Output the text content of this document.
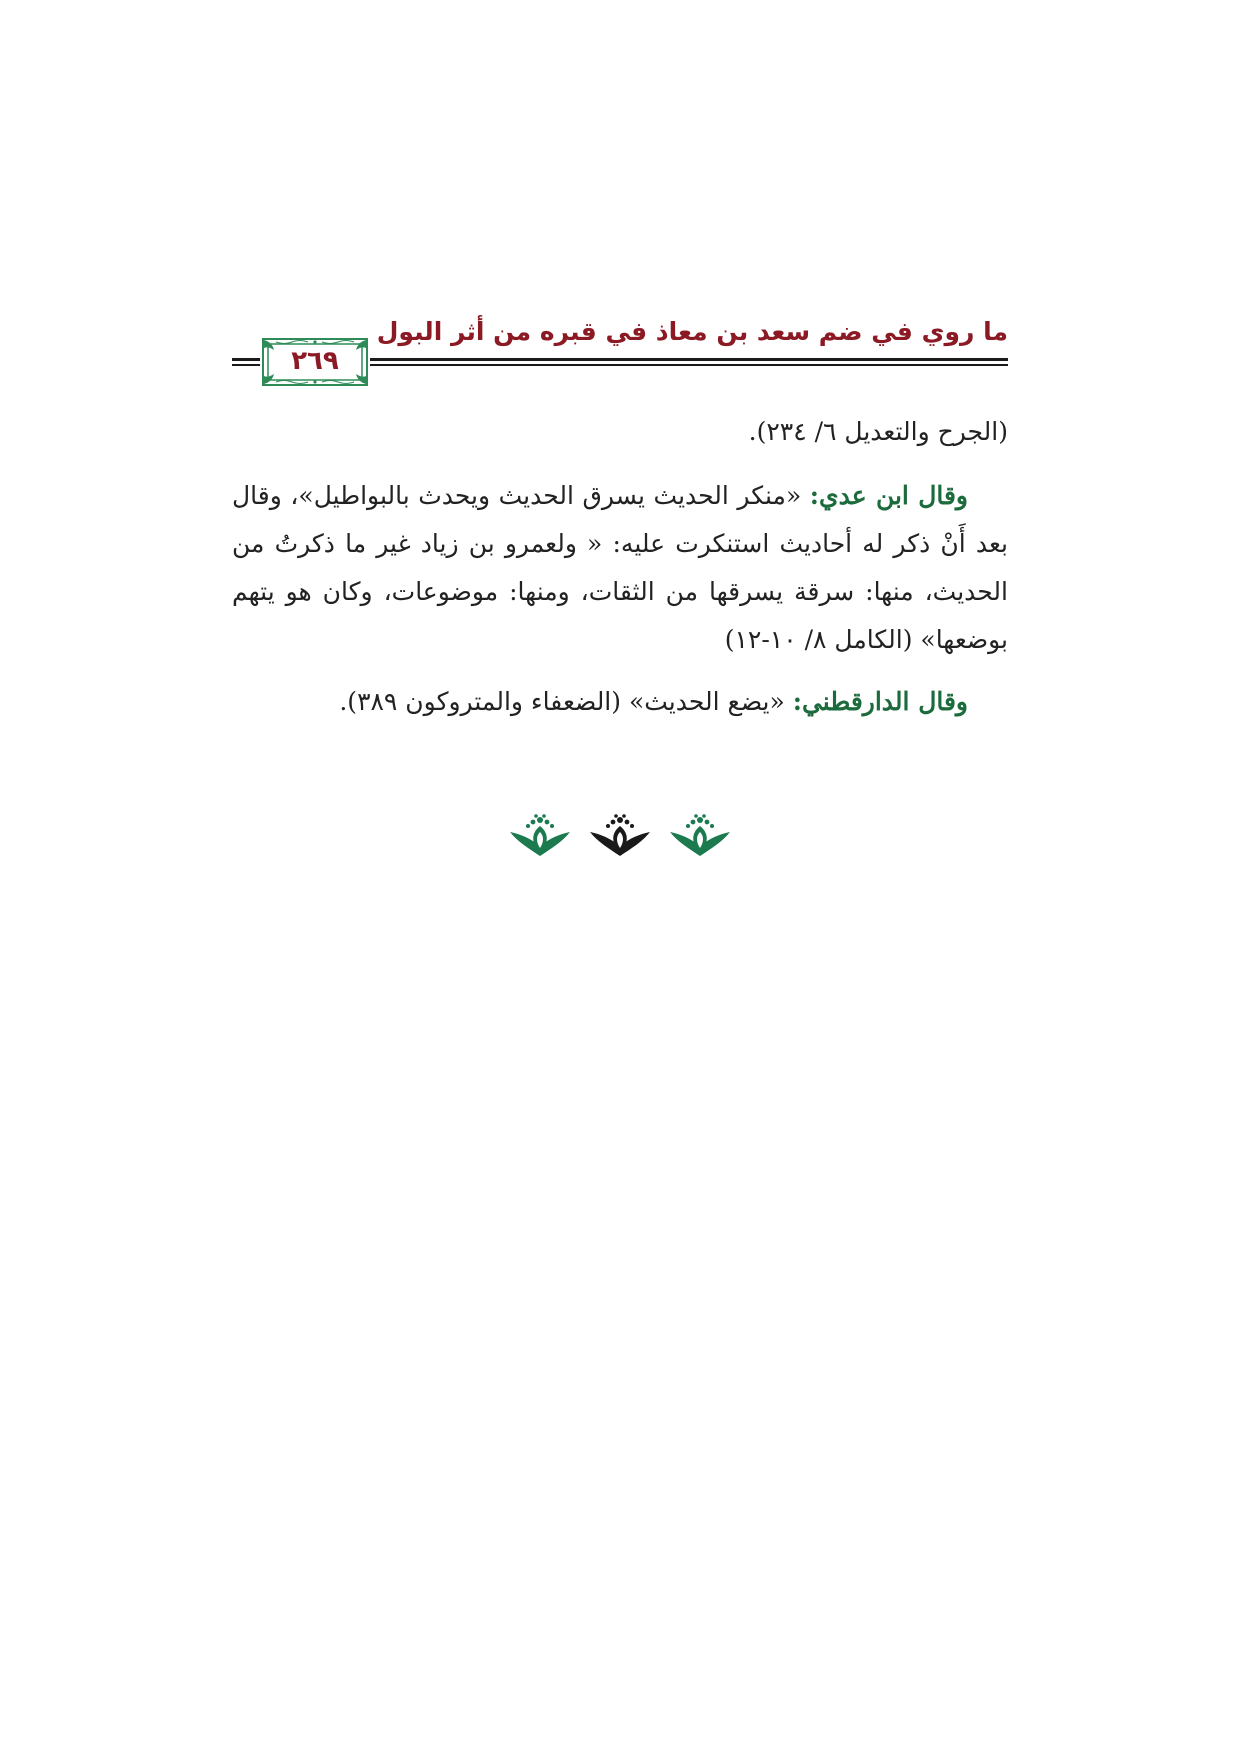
ما روي في ضم سعد بن معاذ في قبره من أثر البول
٢٦٩

(الجرح والتعديل ٦/ ٢٣٤).

وقال ابن عدي: «منكر الحديث يسرق الحديث ويحدث بالبواطيل»، وقال بعد أَنْ ذكر له أحاديث استنكرت عليه: « ولعمرو بن زياد غير ما ذكرتُ من الحديث، منها: سرقة يسرقها من الثقات، ومنها: موضوعات، وكان هو يتهم بوضعها» (الكامل ٨/ ١٠-١٢)

وقال الدارقطني: «يضع الحديث» (الضعفاء والمتروكون ٣٨٩).
